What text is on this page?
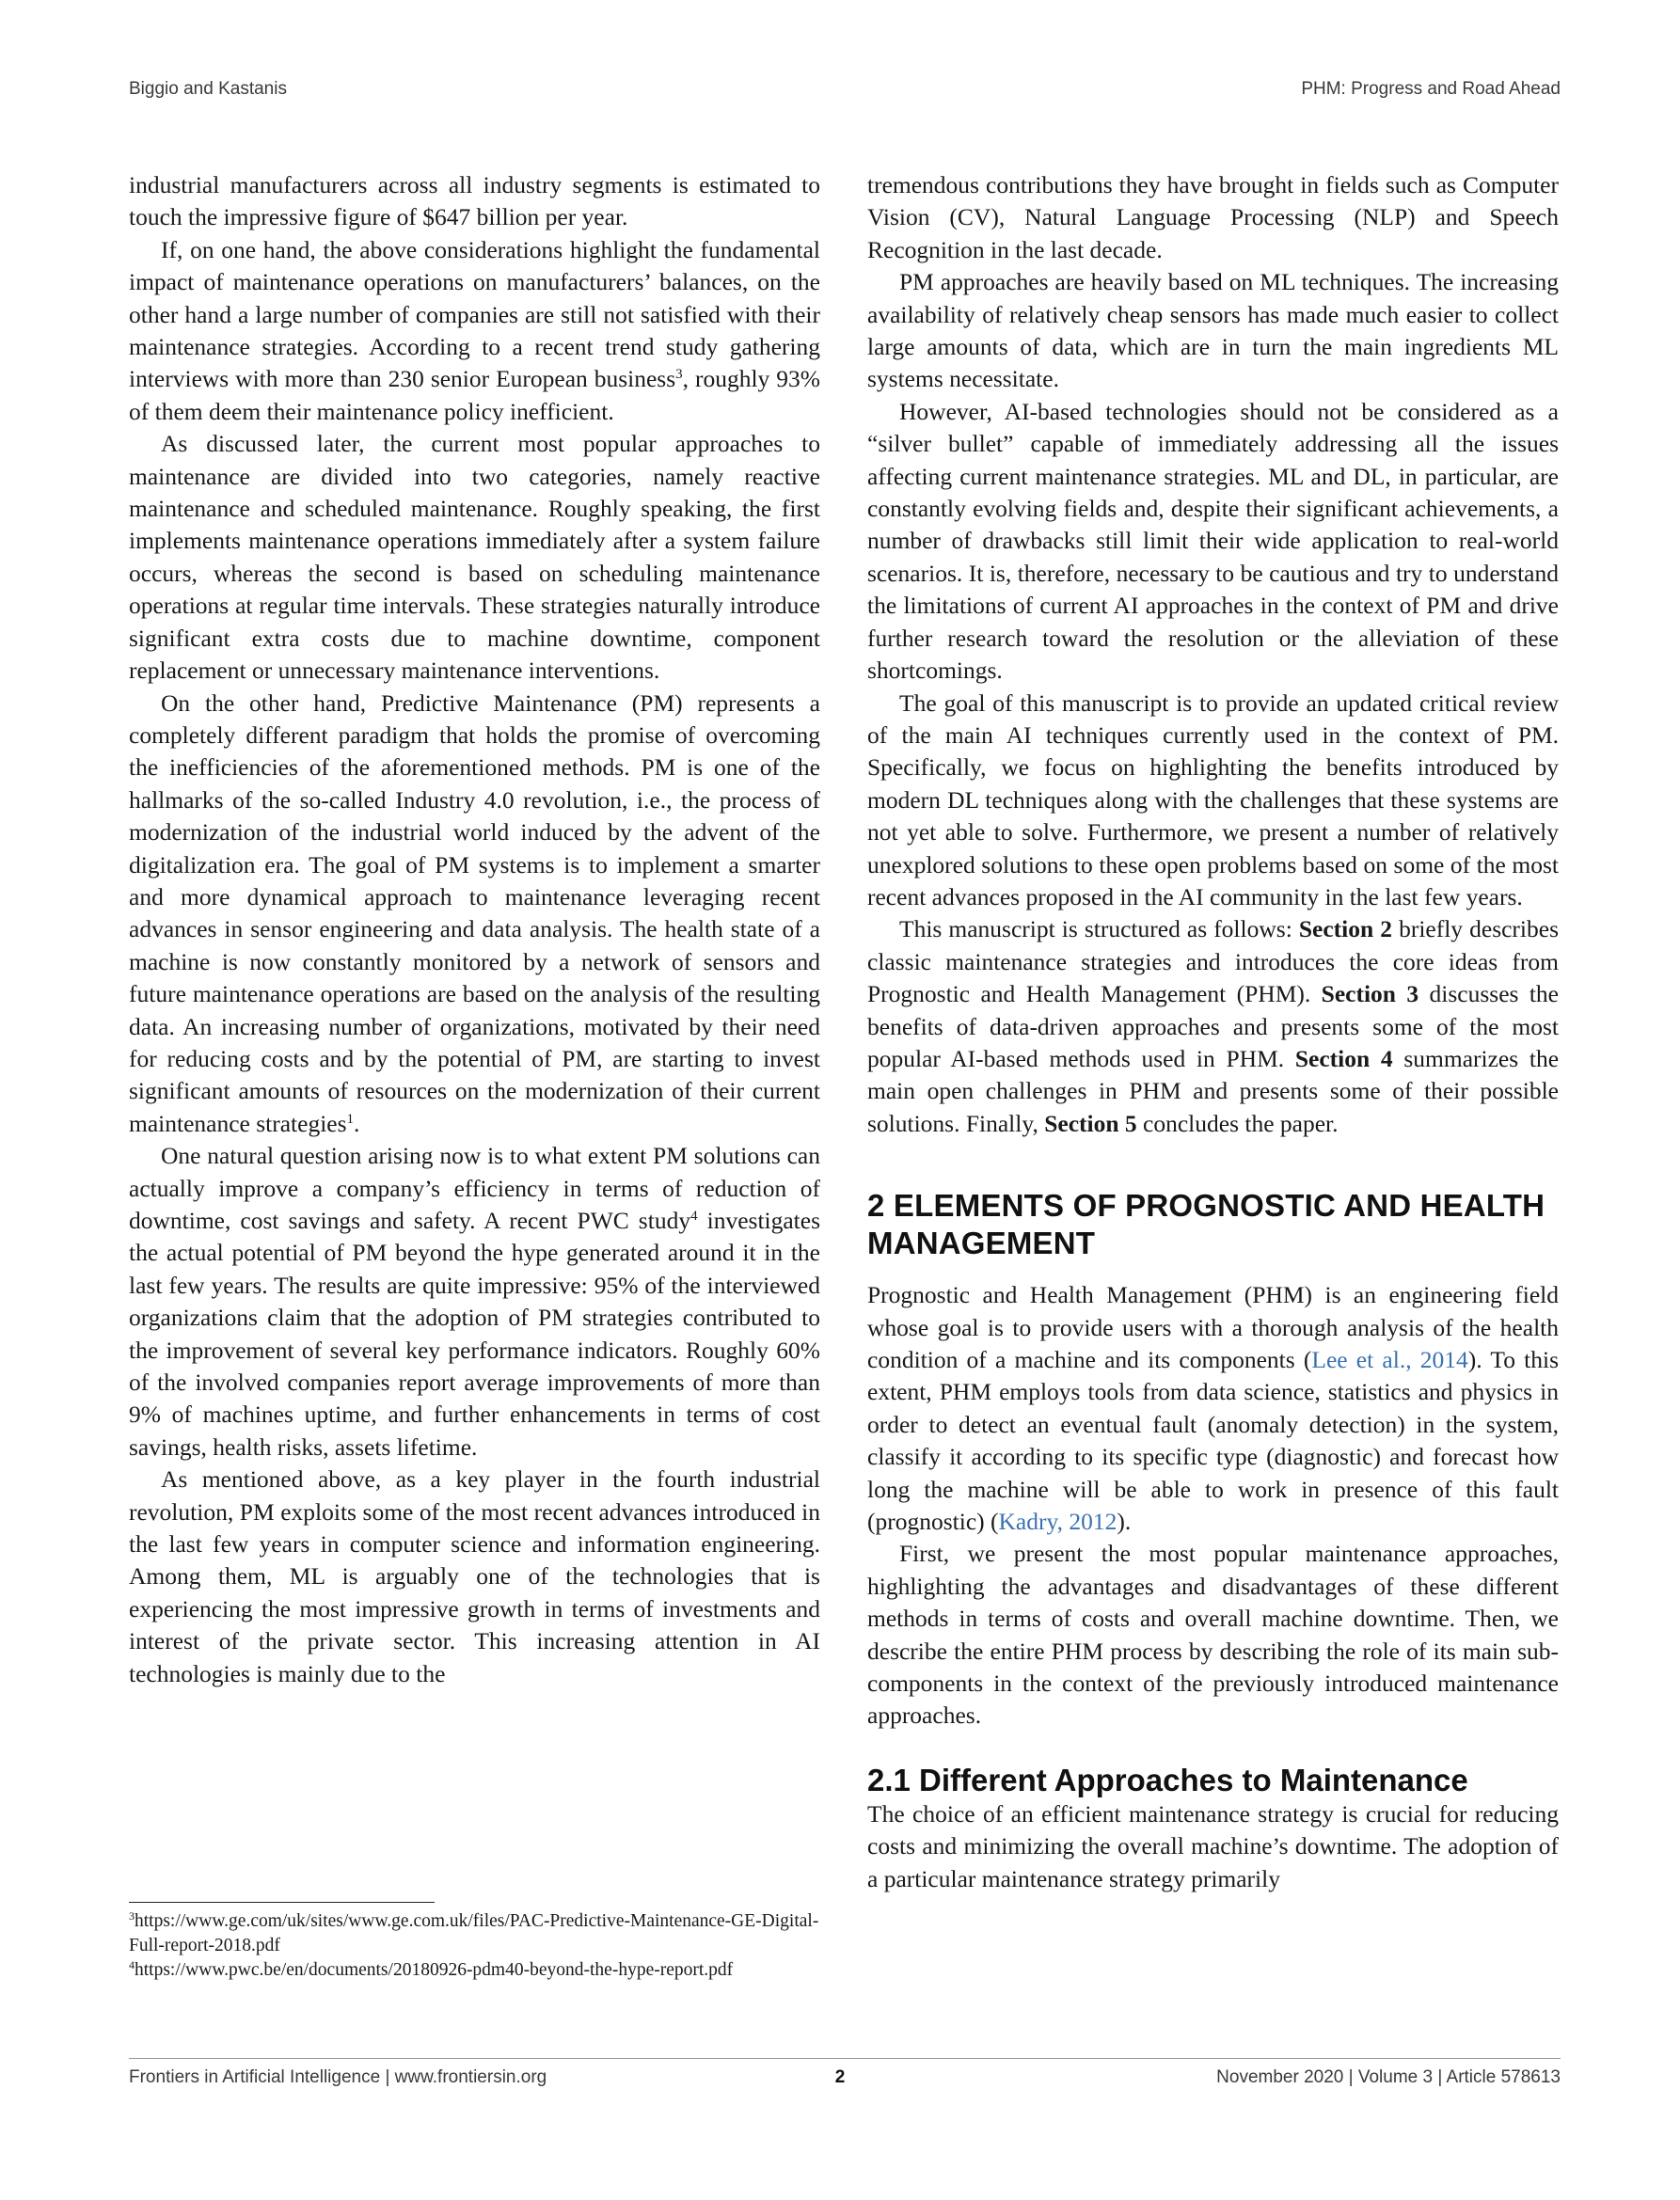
Biggio and Kastanis	PHM: Progress and Road Ahead

industrial manufacturers across all industry segments is estimated to touch the impressive figure of $647 billion per year.

If, on one hand, the above considerations highlight the fundamental impact of maintenance operations on manufacturers’ balances, on the other hand a large number of companies are still not satisfied with their maintenance strategies. According to a recent trend study gathering interviews with more than 230 senior European business$^3$, roughly 93% of them deem their maintenance policy inefficient.

As discussed later, the current most popular approaches to maintenance are divided into two categories, namely reactive maintenance and scheduled maintenance. Roughly speaking, the first implements maintenance operations immediately after a system failure occurs, whereas the second is based on scheduling maintenance operations at regular time intervals. These strategies naturally introduce significant extra costs due to machine downtime, component replacement or unnecessary maintenance interventions.

On the other hand, Predictive Maintenance (PM) represents a completely different paradigm that holds the promise of overcoming the inefficiencies of the aforementioned methods. PM is one of the hallmarks of the so-called Industry 4.0 revolution, i.e., the process of modernization of the industrial world induced by the advent of the digitalization era. The goal of PM systems is to implement a smarter and more dynamical approach to maintenance leveraging recent advances in sensor engineering and data analysis. The health state of a machine is now constantly monitored by a network of sensors and future maintenance operations are based on the analysis of the resulting data. An increasing number of organizations, motivated by their need for reducing costs and by the potential of PM, are starting to invest significant amounts of resources on the modernization of their current maintenance strategies$^1$.

One natural question arising now is to what extent PM solutions can actually improve a company’s efficiency in terms of reduction of downtime, cost savings and safety. A recent PWC study$^4$ investigates the actual potential of PM beyond the hype generated around it in the last few years. The results are quite impressive: 95% of the interviewed organizations claim that the adoption of PM strategies contributed to the improvement of several key performance indicators. Roughly 60% of the involved companies report average improvements of more than 9% of machines uptime, and further enhancements in terms of cost savings, health risks, assets lifetime.

As mentioned above, as a key player in the fourth industrial revolution, PM exploits some of the most recent advances introduced in the last few years in computer science and information engineering. Among them, ML is arguably one of the technologies that is experiencing the most impressive growth in terms of investments and interest of the private sector. This increasing attention in AI technologies is mainly due to the

$^3$https://www.ge.com/uk/sites/www.ge.com.uk/files/PAC-Predictive-Maintenance-GE-Digital-Full-report-2018.pdf

$^4$https://www.pwc.be/en/documents/20180926-pdm40-beyond-the-hype-report.pdf

tremendous contributions they have brought in fields such as Computer Vision (CV), Natural Language Processing (NLP) and Speech Recognition in the last decade.

PM approaches are heavily based on ML techniques. The increasing availability of relatively cheap sensors has made much easier to collect large amounts of data, which are in turn the main ingredients ML systems necessitate.

However, AI-based technologies should not be considered as a “silver bullet” capable of immediately addressing all the issues affecting current maintenance strategies. ML and DL, in particular, are constantly evolving fields and, despite their significant achievements, a number of drawbacks still limit their wide application to real-world scenarios. It is, therefore, necessary to be cautious and try to understand the limitations of current AI approaches in the context of PM and drive further research toward the resolution or the alleviation of these shortcomings.

The goal of this manuscript is to provide an updated critical review of the main AI techniques currently used in the context of PM. Specifically, we focus on highlighting the benefits introduced by modern DL techniques along with the challenges that these systems are not yet able to solve. Furthermore, we present a number of relatively unexplored solutions to these open problems based on some of the most recent advances proposed in the AI community in the last few years.

This manuscript is structured as follows: Section 2 briefly describes classic maintenance strategies and introduces the core ideas from Prognostic and Health Management (PHM). Section 3 discusses the benefits of data-driven approaches and presents some of the most popular AI-based methods used in PHM. Section 4 summarizes the main open challenges in PHM and presents some of their possible solutions. Finally, Section 5 concludes the paper.

2 ELEMENTS OF PROGNOSTIC AND HEALTH MANAGEMENT

Prognostic and Health Management (PHM) is an engineering field whose goal is to provide users with a thorough analysis of the health condition of a machine and its components (Lee et al., 2014). To this extent, PHM employs tools from data science, statistics and physics in order to detect an eventual fault (anomaly detection) in the system, classify it according to its specific type (diagnostic) and forecast how long the machine will be able to work in presence of this fault (prognostic) (Kadry, 2012).

First, we present the most popular maintenance approaches, highlighting the advantages and disadvantages of these different methods in terms of costs and overall machine downtime. Then, we describe the entire PHM process by describing the role of its main sub-components in the context of the previously introduced maintenance approaches.

2.1 Different Approaches to Maintenance

The choice of an efficient maintenance strategy is crucial for reducing costs and minimizing the overall machine’s downtime. The adoption of a particular maintenance strategy primarily

Frontiers in Artificial Intelligence | www.frontiersin.org	2	November 2020 | Volume 3 | Article 578613
